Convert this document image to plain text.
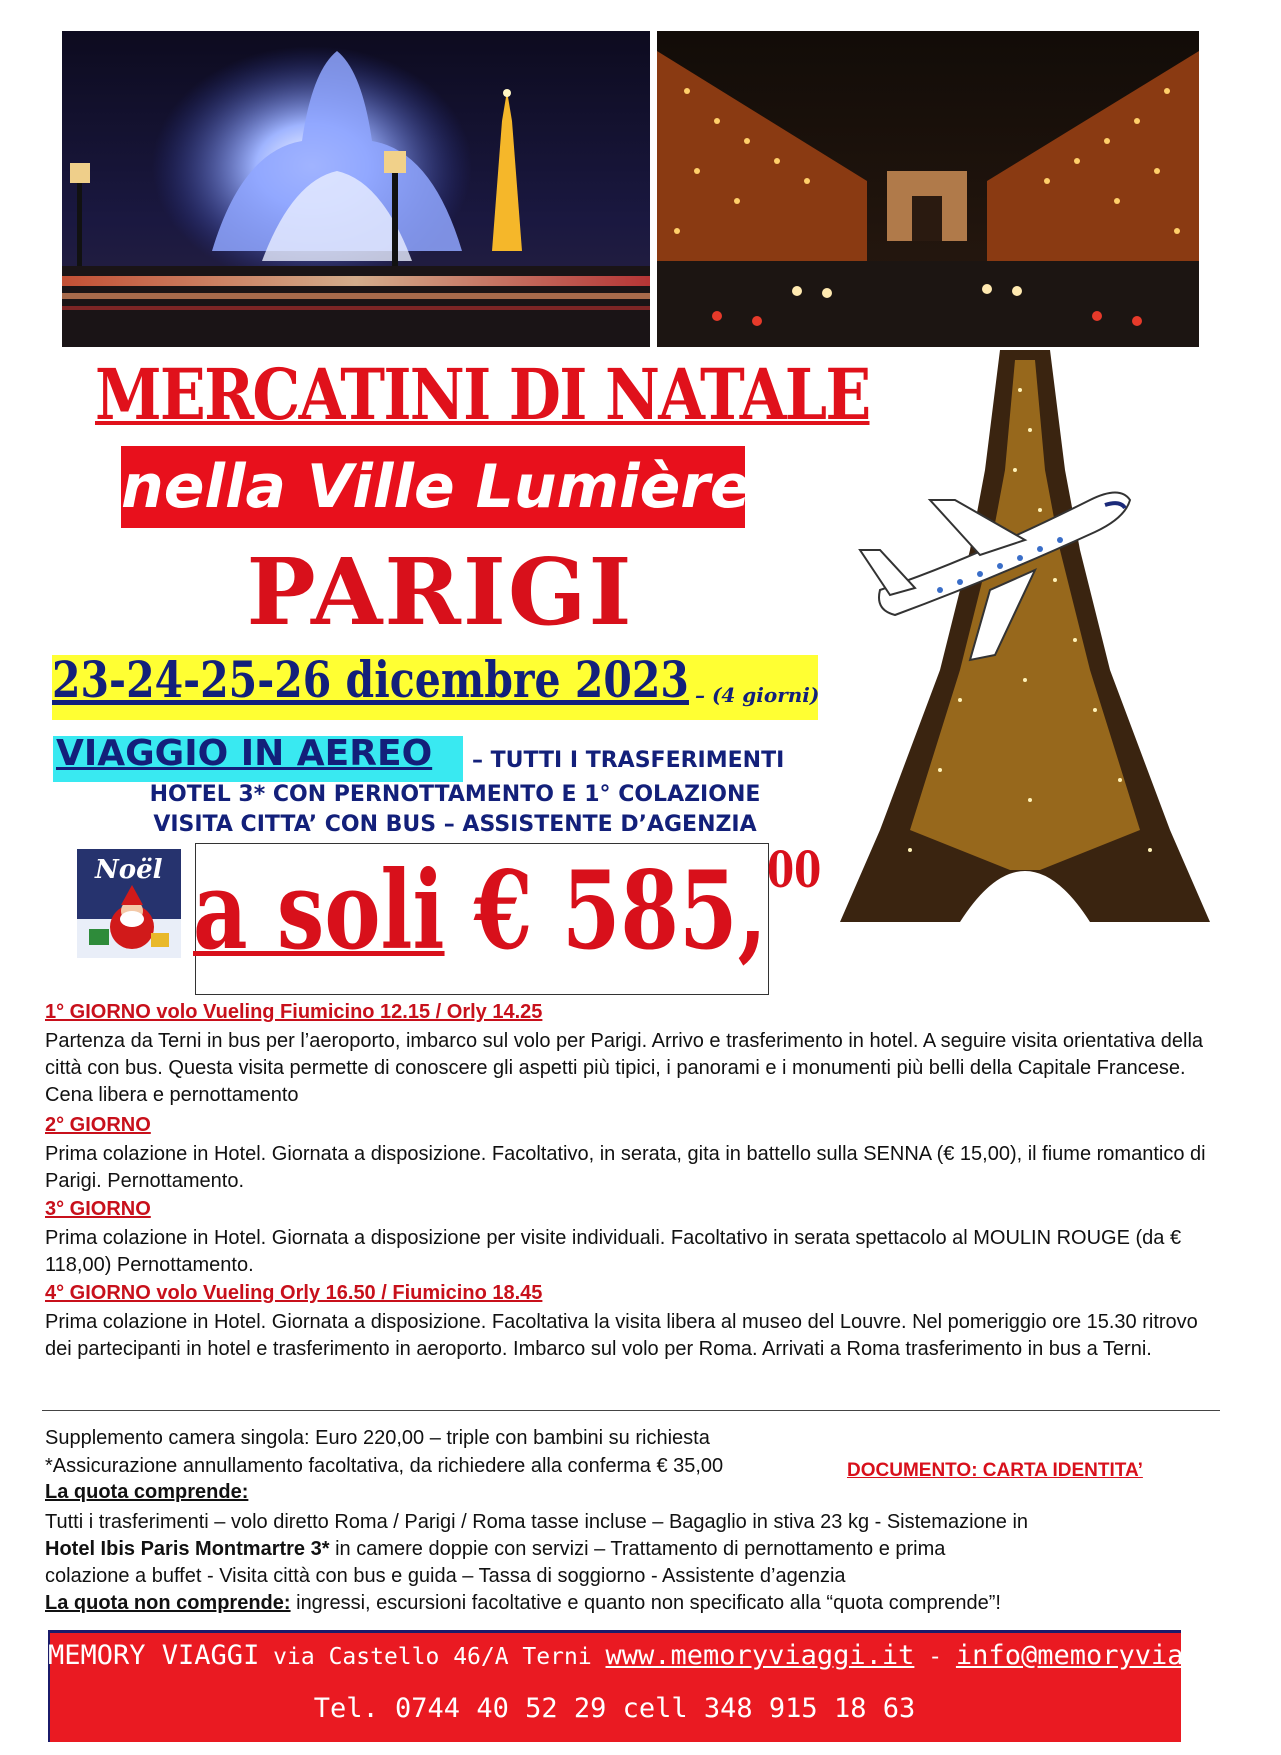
Noël
MERCATINI DI NATALE
nella Ville Lumière
PARIGI
23-24-25-26 dicembre 2023 – (4 giorni)
VIAGGIO IN AEREO – TUTTI I TRASFERIMENTI
HOTEL 3* CON PERNOTTAMENTO E 1° COLAZIONE
VISITA CITTA’ CON BUS – ASSISTENTE D’AGENZIA
a soli € 585,00
1° GIORNO volo Vueling Fiumicino 12.15 / Orly 14.25
Partenza da Terni in bus per l’aeroporto, imbarco sul volo per Parigi. Arrivo e trasferimento in hotel. A seguire visita orientativa della città con bus. Questa visita permette di conoscere gli aspetti più tipici, i panorami e i monumenti più belli della Capitale Francese. Cena libera e pernottamento
2° GIORNO
Prima colazione in Hotel. Giornata a disposizione. Facoltativo, in serata, gita in battello sulla SENNA (€ 15,00), il fiume romantico di Parigi. Pernottamento.
3° GIORNO
Prima colazione in Hotel. Giornata a disposizione per visite individuali. Facoltativo in serata spettacolo al MOULIN ROUGE (da € 118,00) Pernottamento.
4° GIORNO volo Vueling Orly 16.50 / Fiumicino 18.45
Prima colazione in Hotel. Giornata a disposizione. Facoltativa la visita libera al museo del Louvre. Nel pomeriggio ore 15.30 ritrovo dei partecipanti in hotel e trasferimento in aeroporto. Imbarco sul volo per Roma. Arrivati a Roma trasferimento in bus a Terni.
Supplemento camera singola: Euro 220,00 – triple con bambini su richiesta
*Assicurazione annullamento facoltativa, da richiedere alla conferma € 35,00	DOCUMENTO: CARTA IDENTITA’
La quota comprende:
Tutti i trasferimenti – volo diretto Roma / Parigi / Roma tasse incluse – Bagaglio in stiva 23 kg - Sistemazione in
Hotel Ibis Paris Montmartre 3* in camere doppie con servizi – Trattamento di pernottamento e prima
colazione a buffet - Visita città con bus e guida – Tassa di soggiorno - Assistente d’agenzia
La quota non comprende: ingressi, escursioni facoltative e quanto non specificato alla “quota comprende”!
MEMORY VIAGGI via Castello 46/A Terni www.memoryviaggi.it - info@memoryviaggi.it
Tel. 0744 40 52 29 cell 348 915 18 63
